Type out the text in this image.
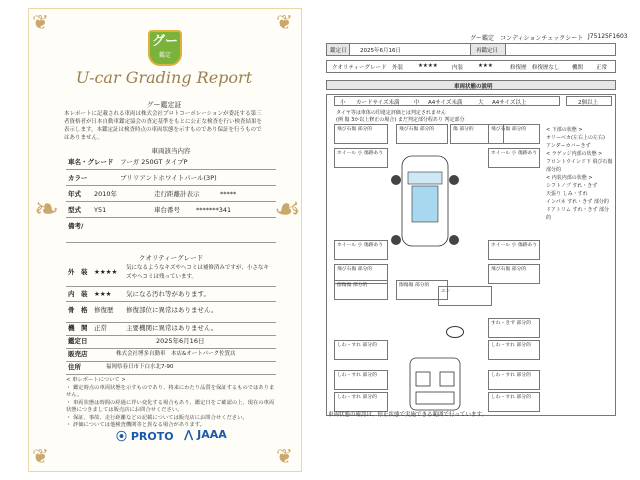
❦	❦
❦	❦
❧	☙
グー
鑑定
U-car Grading Report
グー鑑定証
本レポートに記載される車両は株式会社プロトコーポレーションが委託する第三者資格者が日本自動車鑑定協会の査定基準をもとに公正な検査を行い検査結果を表示します。本鑑定証は検査時点の車両状態を示すものであり保証を行うものではありません。
車両該当内容
車名・グレード フーガ 250GT タイプP
カラー	ブリリアントホワイトパール(3P)
年式 2010年	走行距離計表示	*****
型式 Y51	車台番号 *******341
備考/
クオリティーグレード
外　装 ★★★★ 気になるようなキズやヘコミは補修済みですが、小さなキズやヘコミは残っています。
内　装 ★★★ 気になる汚れ等があります。
骨　格 修復歴 修復部位に異常はありません。
機　関 正常	主要機関に異常はありません。
鑑定日	2025年6月16日
販売店	株式会社博多自動車　本店&オートパーク佐賀店
住所	福岡県春日市下白水北7-90
< 車レポートについて >
・ 鑑定時点の車両状態を示すものであり、将来にわたり品質を保証するものではありません。
・ 車両状態は時間の経過に伴い変化する場合もあり、鑑定日をご確認の上、現在の車両状態につきましては販売店にお問合せください。
・ 保証、事故、走行距離などの記載については販売店にお問合せください。
・ 評価については他検査機関等と異なる場合があります。
⦿ PROTO ⋀ JAAA
グー鑑定　コンディションチェックシート J75125F1603
鑑定日 2025年6月16日	再鑑定日
クオリティーグレード 外装	★★★★	内装	★★★	修復歴 修復歴なし 機関 正常
車両状態の説明
小 カードサイズ未満	中 A4サイズ未満	大 A4サイズ以上	2個以上
タイヤ等は車体の印違定評価とは判定されません
(例 傷 3か以上修正の場合) まだ判定部分程あり 判定部分
飛び石傷 部分的	飛び石傷 部分的	傷 部分的	飛び石傷 部分的
ホイール 小 傷跡あり	ホイール 小 傷跡あり
ホイール 小 傷跡あり	ホイール 小 傷跡あり
飛び石傷 部分的	飛び石傷 部分的
擦傷傷 部分的	擦傷傷 部分的
エン
すれ・きず 部分的
しわ・すれ 部分的	しわ・すれ 部分的
しわ・すれ 部分的	しわ・すれ 部分的
しわ・すれ 部分的	しわ・すれ 部分的
< 下部の状態 >
オリーベカ(左右上の左右)
アンダーカバーきず
< ラゲッジ内部の状態 >
フロントウインド下 飛び石傷 部分的
< 内装内部の状態 >
シフトノブ すれ・きず
天張り しみ・すれ
インパネ すれ・きず 部分的
ドアトリム すれ・きず 部分的
車両状態の確認は、停止状態で実施できる範囲で行っています。
